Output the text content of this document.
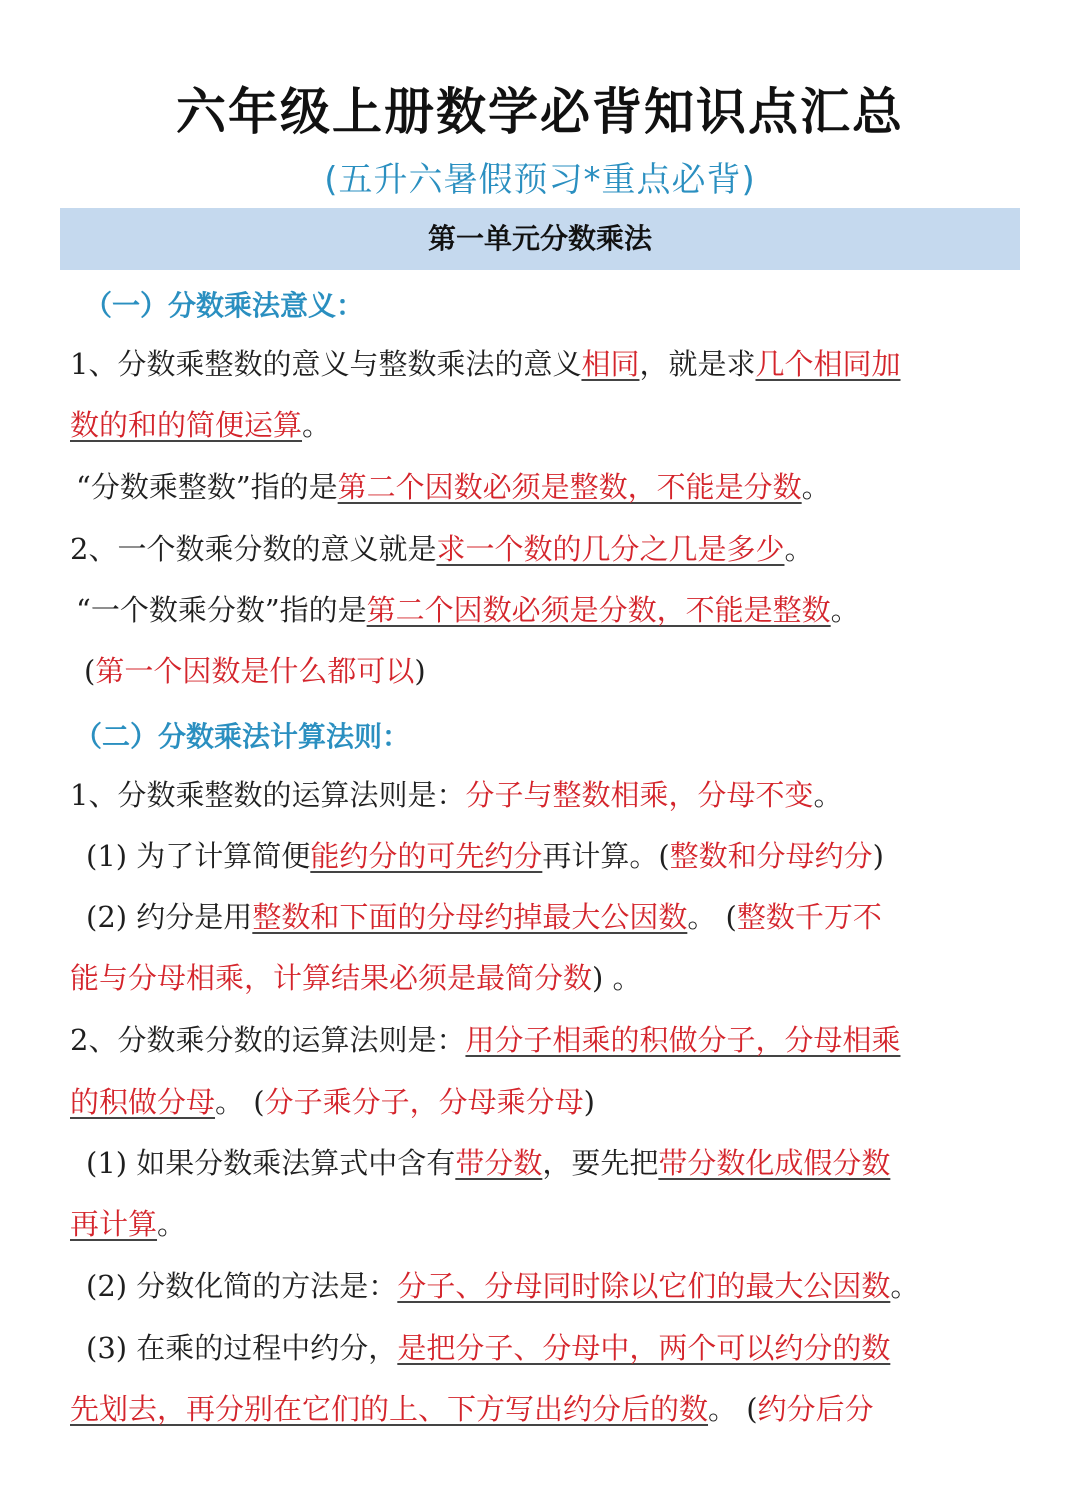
六年级上册数学必背知识点汇总
(五升六暑假预习*重点必背)
第一单元分数乘法
（一）分数乘法意义：
1、分数乘整数的意义与整数乘法的意义相同，就是求几个相同加
数的和的简便运算。
“分数乘整数”指的是第二个因数必须是整数，不能是分数。
2、一个数乘分数的意义就是求一个数的几分之几是多少。
“一个数乘分数”指的是第二个因数必须是分数，不能是整数。
(第一个因数是什么都可以)
（二）分数乘法计算法则：
1、分数乘整数的运算法则是：分子与整数相乘，分母不变。
(1) 为了计算简便能约分的可先约分再计算。(整数和分母约分)
(2) 约分是用整数和下面的分母约掉最大公因数。 (整数千万不
能与分母相乘，计算结果必须是最简分数) 。
2、分数乘分数的运算法则是：用分子相乘的积做分子，分母相乘
的积做分母。 (分子乘分子，分母乘分母)
(1) 如果分数乘法算式中含有带分数，要先把带分数化成假分数
再计算。
(2) 分数化简的方法是：分子、分母同时除以它们的最大公因数。
(3) 在乘的过程中约分，是把分子、分母中，两个可以约分的数
先划去，再分别在它们的上、下方写出约分后的数。 (约分后分
